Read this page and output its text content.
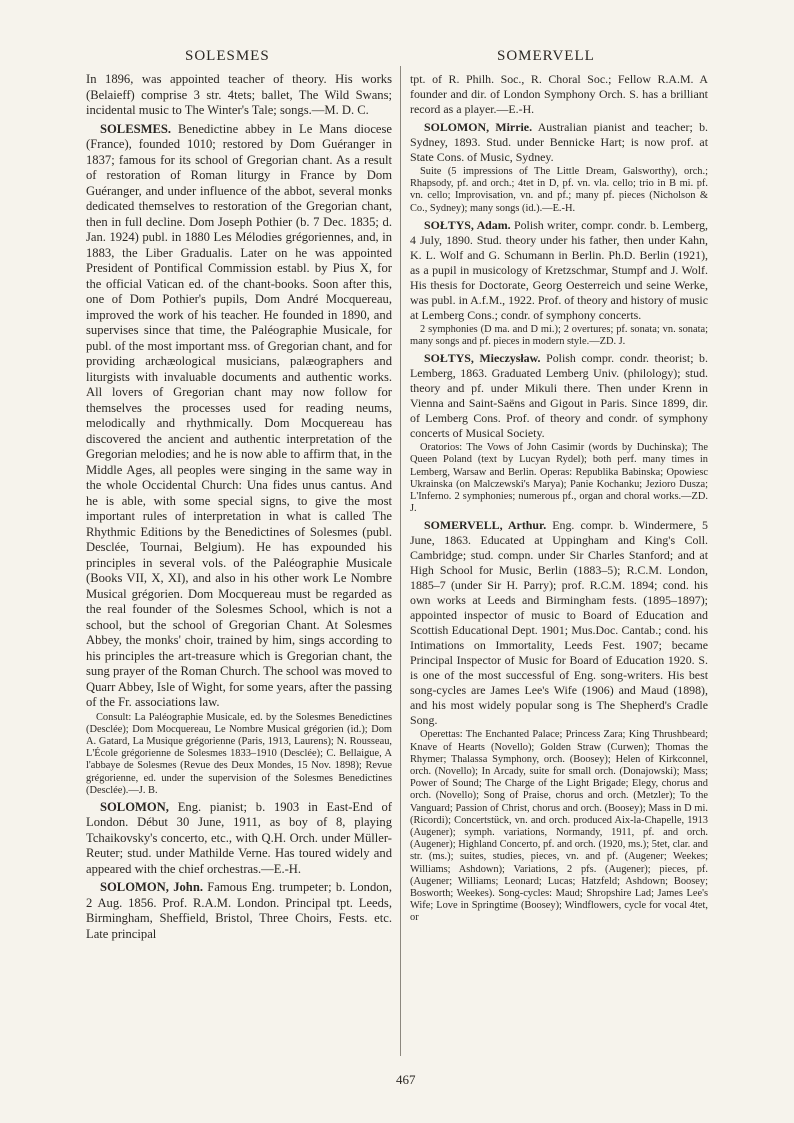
SOLESMES	SOMERVELL

In 1896, was appointed teacher of theory. His works (Belaieff) comprise 3 str. 4tets; ballet, The Wild Swans; incidental music to The Winter's Tale; songs.—M. D. C.

SOLESMES. Benedictine abbey in Le Mans diocese (France), founded 1010; restored by Dom Guéranger in 1837; famous for its school of Gregorian chant. As a result of restoration of Roman liturgy in France by Dom Guéranger, and under influence of the abbot, several monks dedicated themselves to restoration of the Gregorian chant, then in full decline. Dom Joseph Pothier (b. 7 Dec. 1835; d. Jan. 1924) publ. in 1880 Les Mélodies grégoriennes, and, in 1883, the Liber Gradualis. Later on he was appointed President of Pontifical Commission establ. by Pius X, for the official Vatican ed. of the chant-books. Soon after this, one of Dom Pothier's pupils, Dom André Mocquereau, improved the work of his teacher. He founded in 1890, and supervises since that time, the Paléographie Musicale, for publ. of the most important mss. of Gregorian chant, and for providing archæological musicians, palæographers and liturgists with invaluable documents and authentic works. All lovers of Gregorian chant may now follow for themselves the processes used for reading neums, melodically and rhythmically. Dom Mocquereau has discovered the ancient and authentic interpretation of the Gregorian melodies; and he is now able to affirm that, in the Middle Ages, all peoples were singing in the same way in the whole Occidental Church: Una fides unus cantus. And he is able, with some special signs, to give the most important rules of interpretation in what is called The Rhythmic Editions by the Benedictines of Solesmes (publ. Desclée, Tournai, Belgium). He has expounded his principles in several vols. of the Paléographie Musicale (Books VII, X, XI), and also in his other work Le Nombre Musical grégorien. Dom Mocquereau must be regarded as the real founder of the Solesmes School, which is not a school, but the school of Gregorian Chant. At Solesmes Abbey, the monks' choir, trained by him, sings according to his principles the art-treasure which is Gregorian chant, the sung prayer of the Roman Church. The school was moved to Quarr Abbey, Isle of Wight, for some years, after the passing of the Fr. associations law.

Consult: La Paléographie Musicale, ed. by the Solesmes Benedictines (Desclée); Dom Mocquereau, Le Nombre Musical grégorien (id.); Dom A. Gatard, La Musique grégorienne (Paris, 1913, Laurens); N. Rousseau, L'École grégorienne de Solesmes 1833–1910 (Desclée); C. Bellaigue, A l'abbaye de Solesmes (Revue des Deux Mondes, 15 Nov. 1898); Revue grégorienne, ed. under the supervision of the Solesmes Benedictines (Desclée).—J. B.

SOLOMON, Eng. pianist; b. 1903 in East-End of London. Début 30 June, 1911, as boy of 8, playing Tchaikovsky's concerto, etc., with Q.H. Orch. under Müller-Reuter; stud. under Mathilde Verne. Has toured widely and appeared with the chief orchestras.—E.-H.

SOLOMON, John. Famous Eng. trumpeter; b. London, 2 Aug. 1856. Prof. R.A.M. London. Principal tpt. Leeds, Birmingham, Sheffield, Bristol, Three Choirs, Fests. etc. Late principal

tpt. of R. Philh. Soc., R. Choral Soc.; Fellow R.A.M. A founder and dir. of London Symphony Orch. S. has a brilliant record as a player.—E.-H.

SOLOMON, Mirrie. Australian pianist and teacher; b. Sydney, 1893. Stud. under Bennicke Hart; is now prof. at State Cons. of Music, Sydney.

Suite (5 impressions of The Little Dream, Galsworthy), orch.; Rhapsody, pf. and orch.; 4tet in D, pf. vn. vla. cello; trio in B mi. pf. vn. cello; Improvisation, vn. and pf.; many pf. pieces (Nicholson & Co., Sydney); many songs (id.).—E.-H.

SOŁTYS, Adam. Polish writer, compr. condr. b. Lemberg, 4 July, 1890. Stud. theory under his father, then under Kahn, K. L. Wolf and G. Schumann in Berlin. Ph.D. Berlin (1921), as a pupil in musicology of Kretzschmar, Stumpf and J. Wolf. His thesis for Doctorate, Georg Oesterreich und seine Werke, was publ. in A.f.M., 1922. Prof. of theory and history of music at Lemberg Cons.; condr. of symphony concerts.

2 symphonies (D ma. and D mi.); 2 overtures; pf. sonata; vn. sonata; many songs and pf. pieces in modern style.—ZD. J.

SOŁTYS, Mieczysław. Polish compr. condr. theorist; b. Lemberg, 1863. Graduated Lemberg Univ. (philology); stud. theory and pf. under Mikuli there. Then under Krenn in Vienna and Saint-Saëns and Gigout in Paris. Since 1899, dir. of Lemberg Cons. Prof. of theory and condr. of symphony concerts of Musical Society.

Oratorios: The Vows of John Casimir (words by Duchinska); The Queen Poland (text by Lucyan Rydel); both perf. many times in Lemberg, Warsaw and Berlin. Operas: Republika Babinska; Opowiesc Ukrainska (on Malczewski's Marya); Panie Kochanku; Jezioro Dusza; L'Inferno. 2 symphonies; numerous pf., organ and choral works.—ZD. J.

SOMERVELL, Arthur. Eng. compr. b. Windermere, 5 June, 1863. Educated at Uppingham and King's Coll. Cambridge; stud. compn. under Sir Charles Stanford; and at High School for Music, Berlin (1883–5); R.C.M. London, 1885–7 (under Sir H. Parry); prof. R.C.M. 1894; cond. his own works at Leeds and Birmingham fests. (1895–1897); appointed inspector of music to Board of Education and Scottish Educational Dept. 1901; Mus.Doc. Cantab.; cond. his Intimations on Immortality, Leeds Fest. 1907; became Principal Inspector of Music for Board of Education 1920. S. is one of the most successful of Eng. song-writers. His best song-cycles are James Lee's Wife (1906) and Maud (1898), and his most widely popular song is The Shepherd's Cradle Song.

Operettas: The Enchanted Palace; Princess Zara; King Thrushbeard; Knave of Hearts (Novello); Golden Straw (Curwen); Thomas the Rhymer; Thalassa Symphony, orch. (Boosey); Helen of Kirkconnel, orch. (Novello); In Arcady, suite for small orch. (Donajowski); Mass; Power of Sound; The Charge of the Light Brigade; Elegy, chorus and orch. (Novello); Song of Praise, chorus and orch. (Metzler); To the Vanguard; Passion of Christ, chorus and orch. (Boosey); Mass in D mi. (Ricordi); Concertstück, vn. and orch. produced Aix-la-Chapelle, 1913 (Augener); symph. variations, Normandy, 1911, pf. and orch. (Augener); Highland Concerto, pf. and orch. (1920, ms.); 5tet, clar. and str. (ms.); suites, studies, pieces, vn. and pf. (Augener; Weekes; Williams; Ashdown); Variations, 2 pfs. (Augener); pieces, pf. (Augener; Williams; Leonard; Lucas; Hatzfeld; Ashdown; Boosey; Bosworth; Weekes). Song-cycles: Maud; Shropshire Lad; James Lee's Wife; Love in Springtime (Boosey); Windflowers, cycle for vocal 4tet, or

467
